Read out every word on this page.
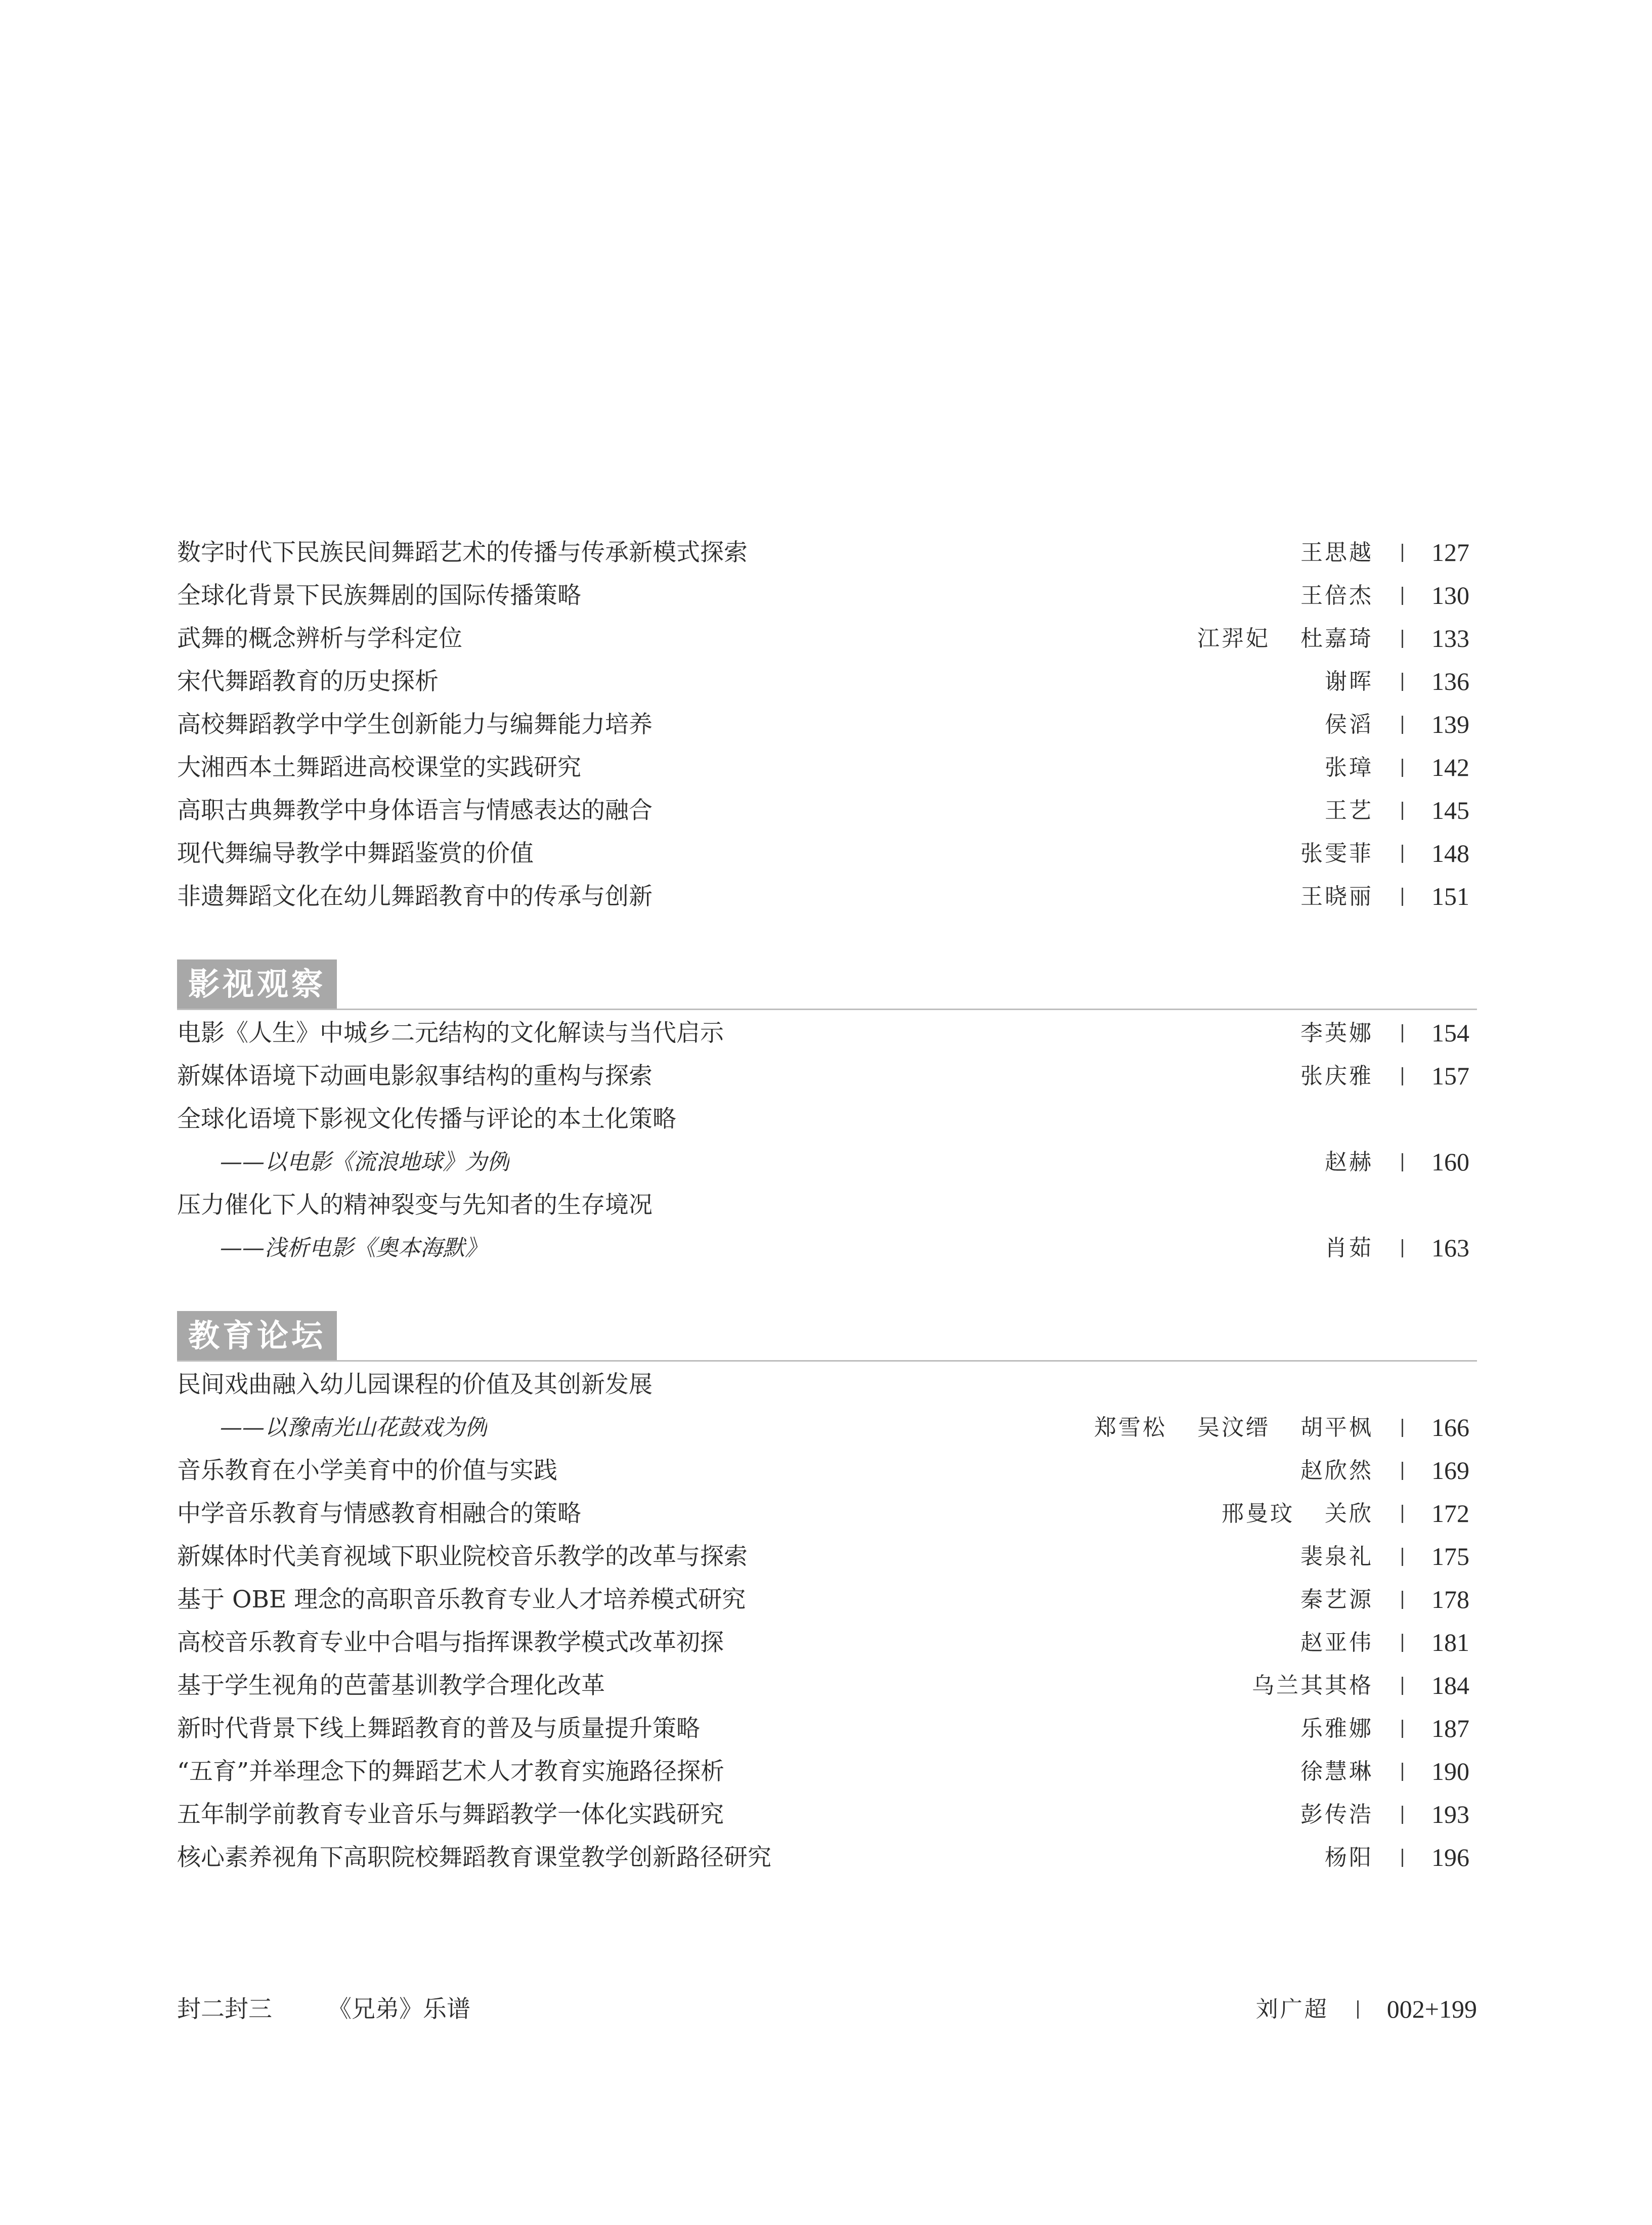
数字时代下民族民间舞蹈艺术的传播与传承新模式探索	王思越 127
全球化背景下民族舞剧的国际传播策略	王倍杰 130
武舞的概念辨析与学科定位	江羿妃 杜嘉琦 133
宋代舞蹈教育的历史探析	谢晖 136
高校舞蹈教学中学生创新能力与编舞能力培养	侯滔 139
大湘西本土舞蹈进高校课堂的实践研究	张璋 142
高职古典舞教学中身体语言与情感表达的融合	王艺 145
现代舞编导教学中舞蹈鉴赏的价值	张雯菲 148
非遗舞蹈文化在幼儿舞蹈教育中的传承与创新	王晓丽 151
影视观察
电影《人生》中城乡二元结构的文化解读与当代启示	李英娜 154
新媒体语境下动画电影叙事结构的重构与探索	张庆雅 157
全球化语境下影视文化传播与评论的本土化策略
——以电影《流浪地球》为例	赵赫 160
压力催化下人的精神裂变与先知者的生存境况
——浅析电影《奥本海默》	肖茹 163
教育论坛
民间戏曲融入幼儿园课程的价值及其创新发展
——以豫南光山花鼓戏为例	郑雪松 吴汶缙 胡平枫 166
音乐教育在小学美育中的价值与实践	赵欣然 169
中学音乐教育与情感教育相融合的策略	邢曼玟 关欣 172
新媒体时代美育视域下职业院校音乐教学的改革与探索	裴泉礼 175
基于 OBE 理念的高职音乐教育专业人才培养模式研究	秦艺源 178
高校音乐教育专业中合唱与指挥课教学模式改革初探	赵亚伟 181
基于学生视角的芭蕾基训教学合理化改革	乌兰其其格 184
新时代背景下线上舞蹈教育的普及与质量提升策略	乐雅娜 187
“五育”并举理念下的舞蹈艺术人才教育实施路径探析	徐慧琳 190
五年制学前教育专业音乐与舞蹈教学一体化实践研究	彭传浩 193
核心素养视角下高职院校舞蹈教育课堂教学创新路径研究	杨阳 196
封二封三 《兄弟》乐谱	刘广超 002+199
